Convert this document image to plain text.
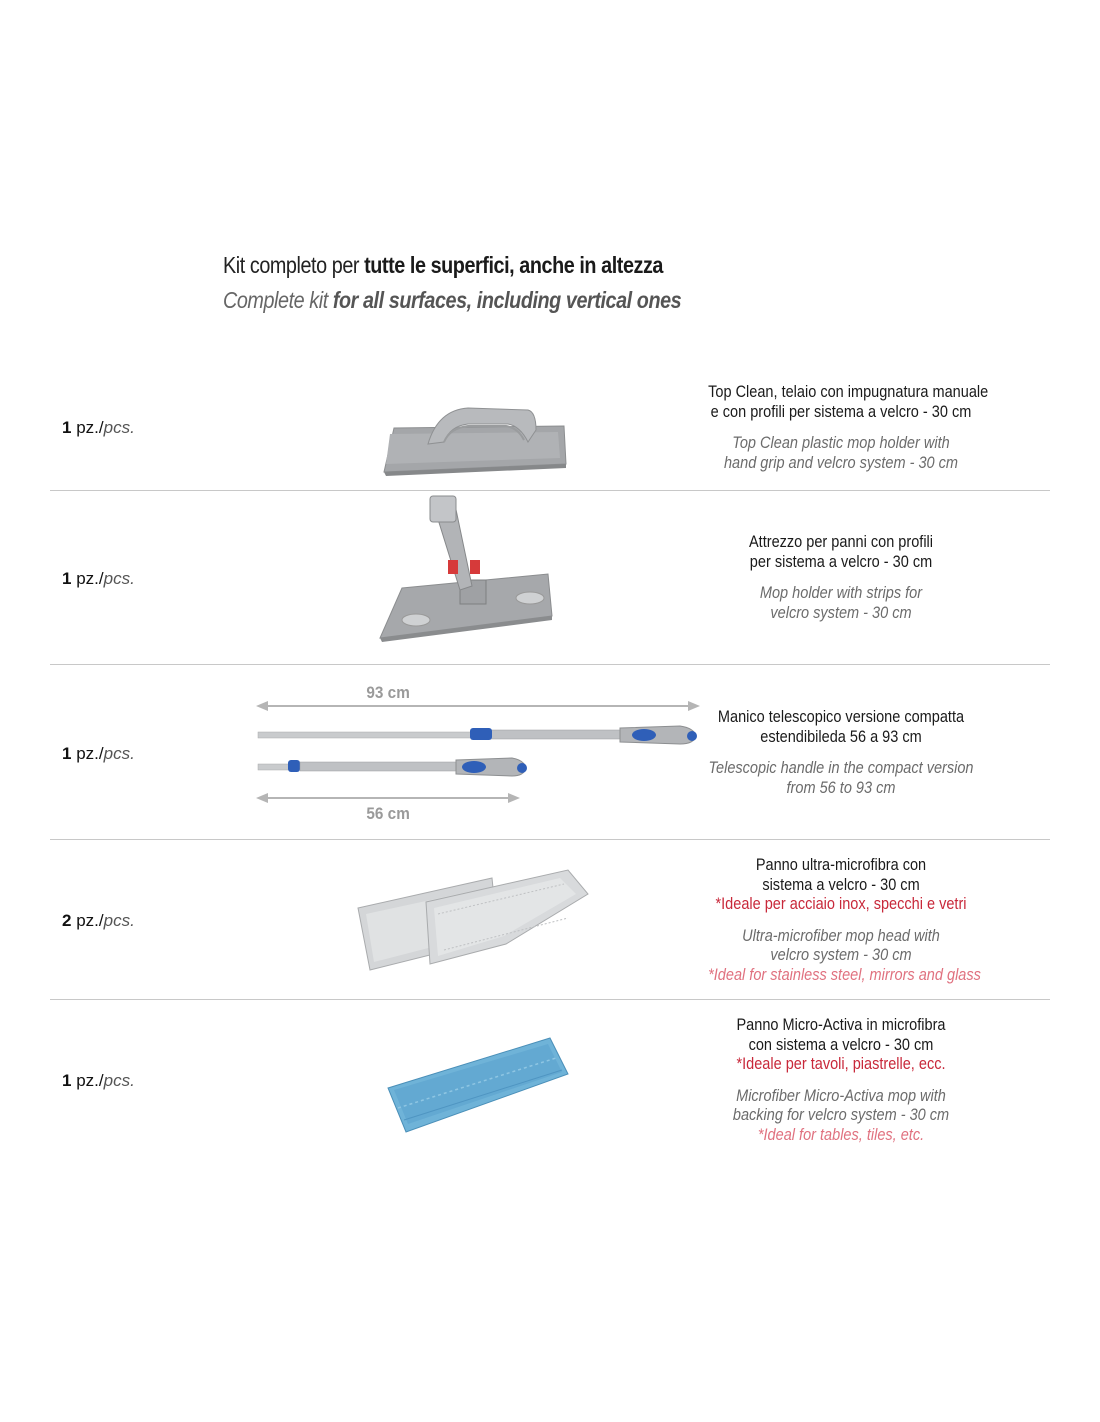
Kit completo per tutte le superfici, anche in altezza
Complete kit for all surfaces, including vertical ones
1 pz./pcs.
Top Clean, telaio con impugnatura manuale
e con profili per sistema a velcro - 30 cm
Top Clean plastic mop holder with
hand grip and velcro system - 30 cm
1 pz./pcs.
Attrezzo per panni con profili
per sistema a velcro - 30 cm
Mop holder with strips for
velcro system - 30 cm
1 pz./pcs.
93 cm
56 cm
Manico telescopico versione compatta
estendibileda 56 a 93 cm
Telescopic handle in the compact version
from 56 to 93 cm
2 pz./pcs.
Panno ultra-microfibra con
sistema a velcro - 30 cm
*Ideale per acciaio inox, specchi e vetri
Ultra-microfiber mop head with
velcro system - 30 cm
*Ideal for stainless steel, mirrors and glass
1 pz./pcs.
Panno Micro-Activa in microfibra
con sistema a velcro - 30 cm
*Ideale per tavoli, piastrelle, ecc.
Microfiber Micro-Activa mop with
backing for velcro system - 30 cm
*Ideal for tables, tiles, etc.
